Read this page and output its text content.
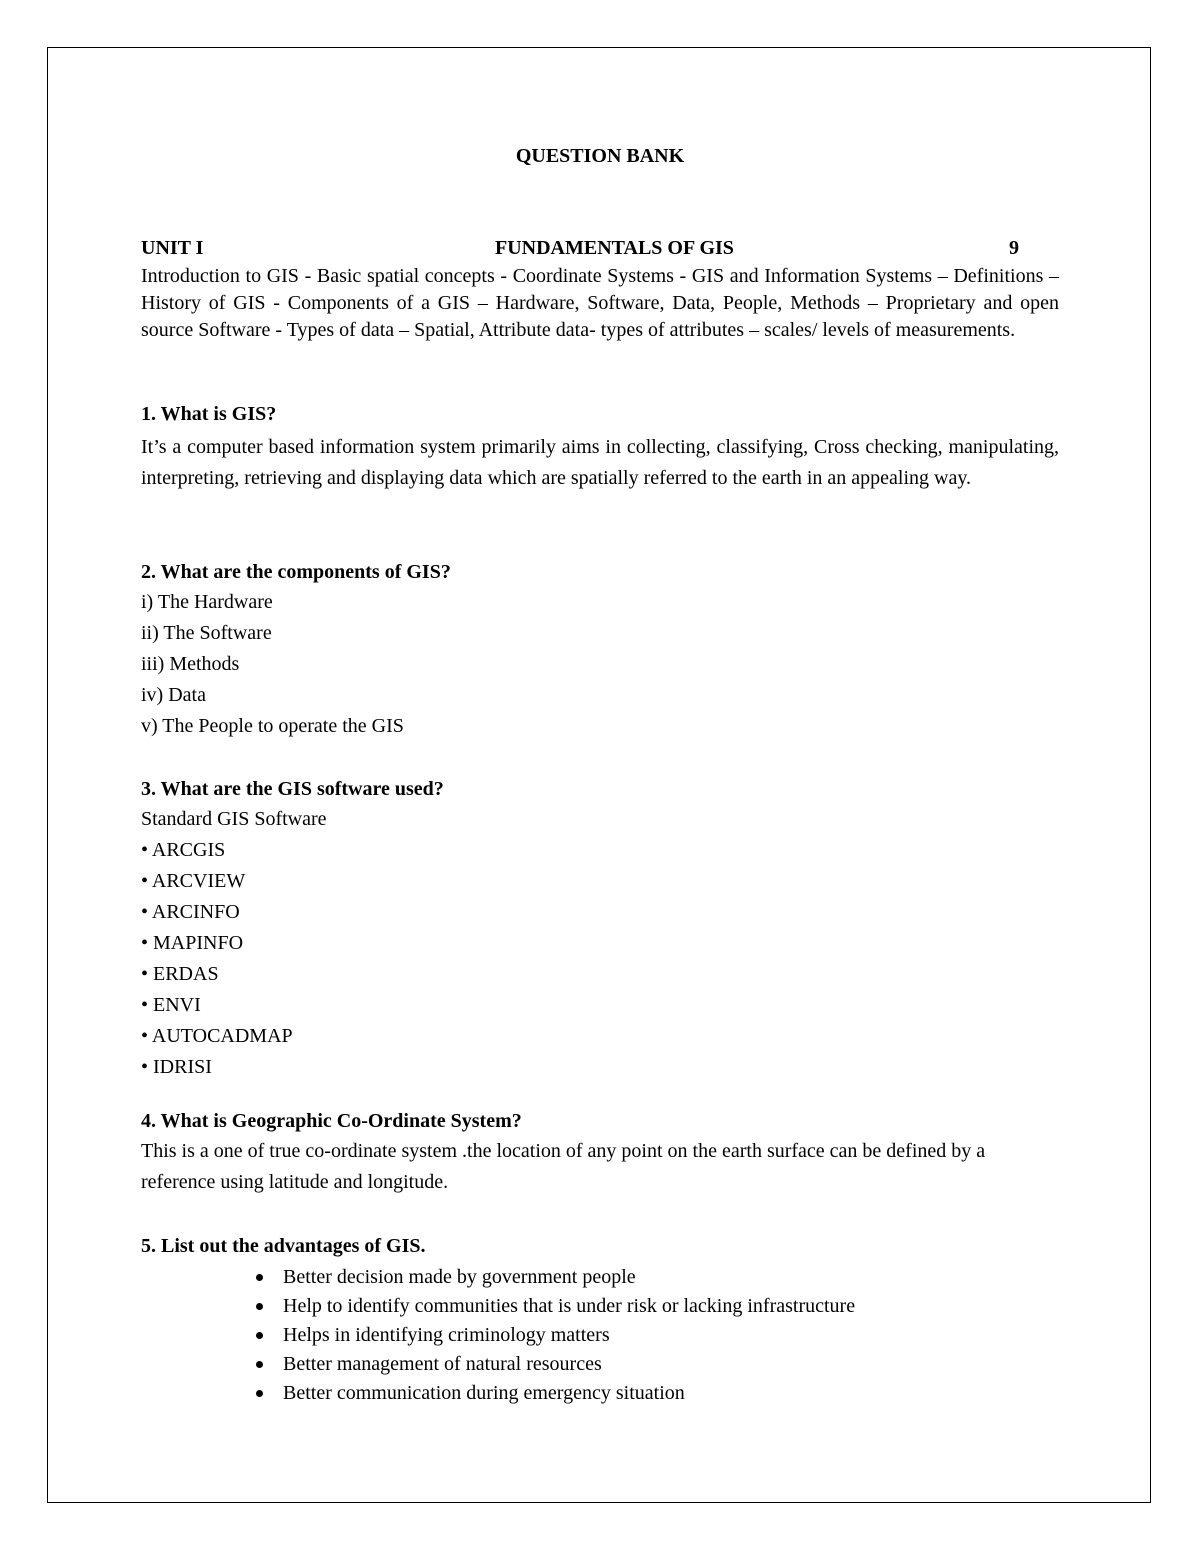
QUESTION BANK
UNIT I	FUNDAMENTALS OF GIS	9
Introduction to GIS - Basic spatial concepts - Coordinate Systems - GIS and Information Systems – Definitions – History of GIS - Components of a GIS – Hardware, Software, Data, People, Methods – Proprietary and open source Software - Types of data – Spatial, Attribute data- types of attributes – scales/ levels of measurements.
1. What is GIS?
It’s a computer based information system primarily aims in collecting, classifying, Cross checking, manipulating, interpreting, retrieving and displaying data which are spatially referred to the earth in an appealing way.
2. What are the components of GIS?
i) The Hardware
ii) The Software
iii) Methods
iv) Data
v) The People to operate the GIS
3. What are the GIS software used?
Standard GIS Software
• ARCGIS
• ARCVIEW
• ARCINFO
• MAPINFO
• ERDAS
• ENVI
• AUTOCADMAP
• IDRISI
4. What is Geographic Co-Ordinate System?
This is a one of true co-ordinate system .the location of any point on the earth surface can be defined by a reference using latitude and longitude.
5. List out the advantages of GIS.
Better decision made by government people
Help to identify communities that is under risk or lacking infrastructure
Helps in identifying criminology matters
Better management of natural resources
Better communication during emergency situation
